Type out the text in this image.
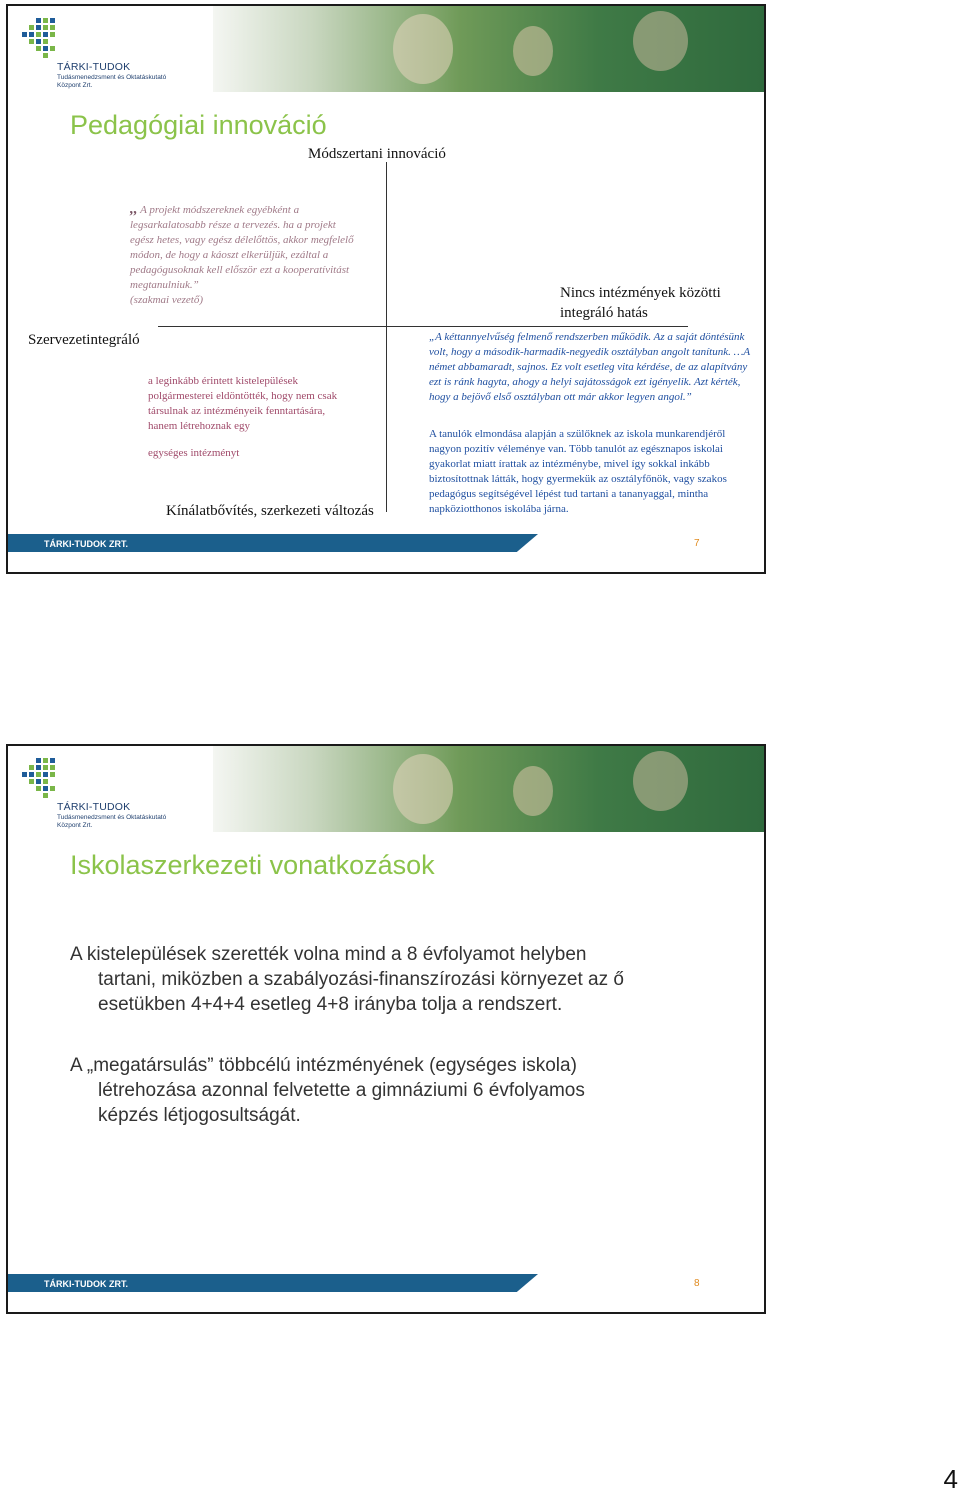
TÁRKI-TUDOK
Tudásmenedzsment és Oktatáskutató Központ Zrt.
Pedagógiai innováció
Módszertani innováció
Szervezetintegráló
Nincs intézmények közötti integráló hatás
Kínálatbővítés, szerkezeti változás
,, A projekt módszereknek egyébként a legsarkalatosabb része a tervezés. ha a projekt egész hetes, vagy egész délelőttös, akkor megfelelő módon, de hogy a káoszt elkerüljük, ezáltal a pedagógusoknak kell először ezt a kooperatívitást megtanulniuk.”
(szakmai vezető)

a leginkább érintett kistelepülések polgármesterei eldöntötték, hogy nem csak társulnak az intézményeik fenntartására, hanem létrehoznak egy

egységes intézményt

„A kéttannyelvűség felmenő rendszerben működik. Az a saját döntésünk volt, hogy a második-harmadik-negyedik osztályban angolt tanítunk. …A német abbamaradt, sajnos. Ez volt esetleg vita kérdése, de az alapítvány ezt is ránk hagyta, ahogy a helyi sajátosságok ezt igényelik. Azt kérték, hogy a bejövő első osztályban ott már akkor legyen angol.”
A tanulók elmondása alapján a szülőknek az iskola munkarendjéről nagyon pozitív véleménye van. Több tanulót az egésznapos iskolai gyakorlat miatt írattak az intézménybe, mivel így sokkal inkább biztosítottnak látták, hogy gyermekük az osztályfőnök, vagy szakos pedagógus segítségével lépést tud tartani a tananyaggal, mintha napköziotthonos iskolába járna.
TÁRKI-TUDOK ZRT.	7
TÁRKI-TUDOK
Tudásmenedzsment és Oktatáskutató Központ Zrt.
Iskolaszerkezeti vonatkozások
A kistelepülések szerették volna mind a 8 évfolyamot helyben
tartani, miközben a szabályozási-finanszírozási környezet az ő
esetükben 4+4+4 esetleg 4+8 irányba tolja a rendszert.
A „megatársulás” többcélú intézményének (egységes iskola)
létrehozása azonnal felvetette a gimnáziumi 6 évfolyamos
képzés létjogosultságát.
TÁRKI-TUDOK ZRT.	8
4
